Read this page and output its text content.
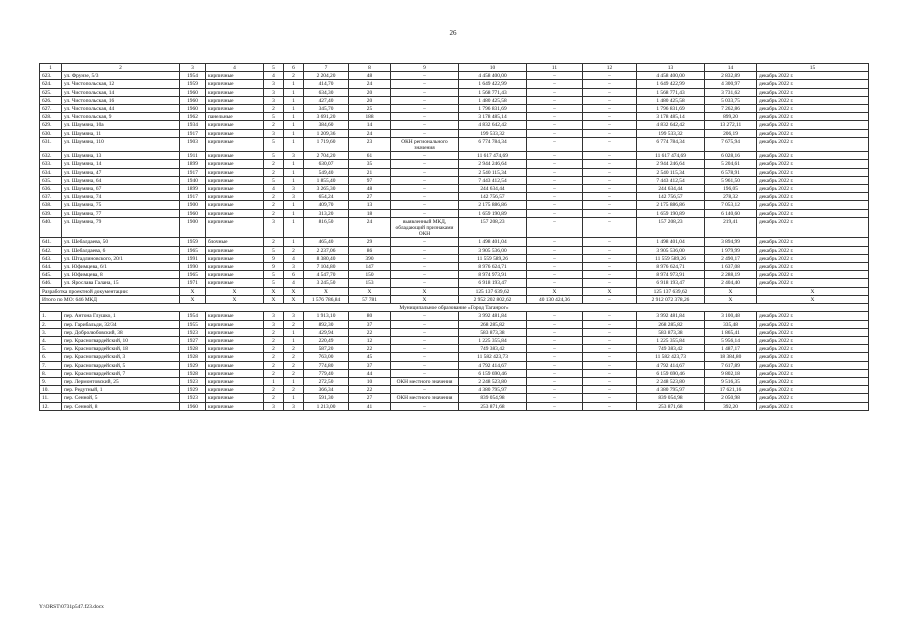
26
1	2	3	4	5	6	7	8	9	10	11	12	13	14	15
623.	ул. Фрунзе, 5/3	1954	кирпичные	4	2	2 204,20	48	–	4 458 400,00	–	–	4 458 400,00	2 832,89	декабрь 2022 г.
624.	ул. Чистопольская, 12	1959	кирпичные	3	1	414,70	24	–	1 649 422,99	–	–	1 649 422,99	4 300,97	декабрь 2022 г.
625.	ул. Чистопольская, 14	1960	кирпичные	3	1	634,30	20	–	1 568 771,43	–	–	1 568 771,43	3 731,62	декабрь 2022 г.
626.	ул. Чистопольская, 16	1960	кирпичные	3	1	427,40	20	–	1 480 425,58	–	–	1 480 425,58	5 033,75	декабрь 2022 г.
627.	ул. Чистопольская, 44	1960	кирпичные	2	1	345,70	25	–	1 796 831,69	–	–	1 796 831,69	7 262,86	декабрь 2022 г.
628.	ул. Чистопольская, 9	1962	панельные	5	1	3 691,20	188	–	3 178 485,14	–	–	3 178 485,14	899,20	декабрь 2022 г.
629.	ул. Шаумяна, 10а	1934	кирпичные	2	1	384,60	14	–	4 832 642,42	–	–	4 832 642,42	13 272,11	декабрь 2022 г.
630.	ул. Шаумяна, 11	1917	кирпичные	3	1	1 209,36	24	–	199 533,32	–	–	199 533,32	206,19	декабрь 2022 г.
631.	ул. Шаумяна, 110	1903	кирпичные	5	1	1 719,60	23	ОКН регионального значения	6 774 784,34	–	–	6 774 784,34	7 675,94	декабрь 2022 г.
632.	ул. Шаумяна, 13	1911	кирпичные	5	3	2 704,20	61	–	11 617 474,69	–	–	11 617 474,69	6 028,16	декабрь 2022 г.
633.	ул. Шаумяна, 14	1899	кирпичные	2	1	630,07	35	–	2 944 246,64	–	–	2 944 246,64	5 204,61	декабрь 2022 г.
634.	ул. Шаумяна, 47	1917	кирпичные	2	1	549,40	21	–	2 540 115,34	–	–	2 540 115,34	6 578,91	декабрь 2022 г.
635.	ул. Шаумяна, 64	1940	кирпичные	5	1	1 855,40	97	–	7 443 412,54	–	–	7 443 412,54	5 961,50	декабрь 2022 г.
636.	ул. Шаумяна, 67	1899	кирпичные	4	3	3 265,30	48	–	244 634,44	–	–	244 634,44	196,05	декабрь 2022 г.
637.	ул. Шаумяна, 74	1917	кирпичные	2	3	654,24	27	–	142 756,57	–	–	142 756,57	278,32	декабрь 2022 г.
638.	ул. Шаумяна, 75	1900	кирпичные	2	1	409,70	13	–	2 175 886,86	–	–	2 175 886,86	7 053,12	декабрь 2022 г.
639.	ул. Шаумяна, 77	1960	кирпичные	2	1	313,20	18	–	1 659 190,89	–	–	1 659 190,89	6 140,60	декабрь 2022 г.
640.	ул. Шаумяна, 79	1900	кирпичные	3	1	816,50	24	выявленный МКД, обладающий признаками ОКН	157 208,23	–	–	157 208,23	219,41	декабрь 2022 г.
641.	ул. Шебалдаева, 50	1959	блочные	2	1	465,40	29	–	1 498 401,04	–	–	1 498 401,04	3 894,99	декабрь 2022 г.
642.	ул. Шебалдаева, 6	1965	кирпичные	5	2	2 237,06	86	–	3 905 536,00	–	–	3 905 536,00	1 979,99	декабрь 2022 г.
643.	ул. Штадлиновского, 20/1	1991	кирпичные	9	4	8 380,40	390	–	11 559 589,26	–	–	11 559 589,26	2 490,17	декабрь 2022 г.
644.	ул. Юфимцева, 6/1	1990	кирпичные	9	3	7 104,80	147	–	8 976 624,71	–	–	8 976 624,71	1 637,08	декабрь 2022 г.
645.	ул. Юфимцева, 8	1965	кирпичные	5	6	4 547,70	150	–	8 974 973,91	–	–	8 974 973,91	2 288,19	декабрь 2022 г.
646.	ул. Ярослава Галана, 15	1971	кирпичные	5	4	3 245,50	153	–	6 918 193,47	–	–	6 918 193,47	2 404,40	декабрь 2022 г.
Разработка проектной документации:		X	X	X	X	X	X	X	125 137 639,62	X	X	125 137 639,62	X	X
Итого по МО: 646 МКД		X	X	X	X	1 576 786,84	57 781	X	2 952 202 802,62	40 130 424,36	–	2 912 072 378,26	X	X
Муниципальное образование «Город Таганрог»														
1.	пер. Антона Глушко, 1	1954	кирпичные	3	3	1 913,10	80	–	3 992 481,84	–	–	3 992 481,84	3 100,48	декабрь 2022 г.
2.	пер. Гарибальди, 32/34	1955	кирпичные	3	2	892,30	37	–	268 285,82	–	–	268 285,82	335,48	декабрь 2022 г.
3.	пер. Добролюбовский, 38	1923	кирпичные	2	1	429,94	22	–	583 873,38	–	–	583 873,38	1 865,41	декабрь 2022 г.
4.	пер. Красногвардейский, 10	1927	кирпичные	2	1	220,49	12	–	1 225 355,84	–	–	1 225 355,84	5 956,14	декабрь 2022 г.
5.	пер. Красногвардейский, 18	1928	кирпичные	2	2	587,20	22	–	749 383,42	–	–	749 383,42	1 487,17	декабрь 2022 г.
6.	пер. Красногвардейский, 3	1928	кирпичные	2	2	763,00	45	–	11 582 423,73	–	–	11 582 423,73	18 384,80	декабрь 2022 г.
7.	пер. Красногвардейский, 5	1929	кирпичные	2	2	774,80	37	–	4 792 414,67	–	–	4 792 414,67	7 617,89	декабрь 2022 г.
8.	пер. Красногвардейский, 7	1928	кирпичные	2	2	779,40	44	–	6 159 690,46	–	–	6 159 690,46	9 802,18	декабрь 2022 г.
9.	пер. Лермонтовский, 25	1923	кирпичные	1	1	272,50	10	ОКН местного значения	2 248 523,80	–	–	2 248 523,80	9 516,35	декабрь 2022 г.
10.	пер. Редутный, 1	1929	кирпичные	2	2	366,34	22	–	4 380 795,97	–	–	4 380 795,97	17 621,16	декабрь 2022 г.
11.	пер. Сенной, 5	1923	кирпичные	2	1	591,30	27	ОКН местного значения	839 054,98	–	–	839 054,98	2 050,98	декабрь 2022 г.
12.	пер. Сенной, 8	1960	кирпичные	3	3	1 213,00	41	–	253 871,68	–	–	253 871,68	392,20	декабрь 2022 г.
Y:\ORST\0731p547.f23.docx
